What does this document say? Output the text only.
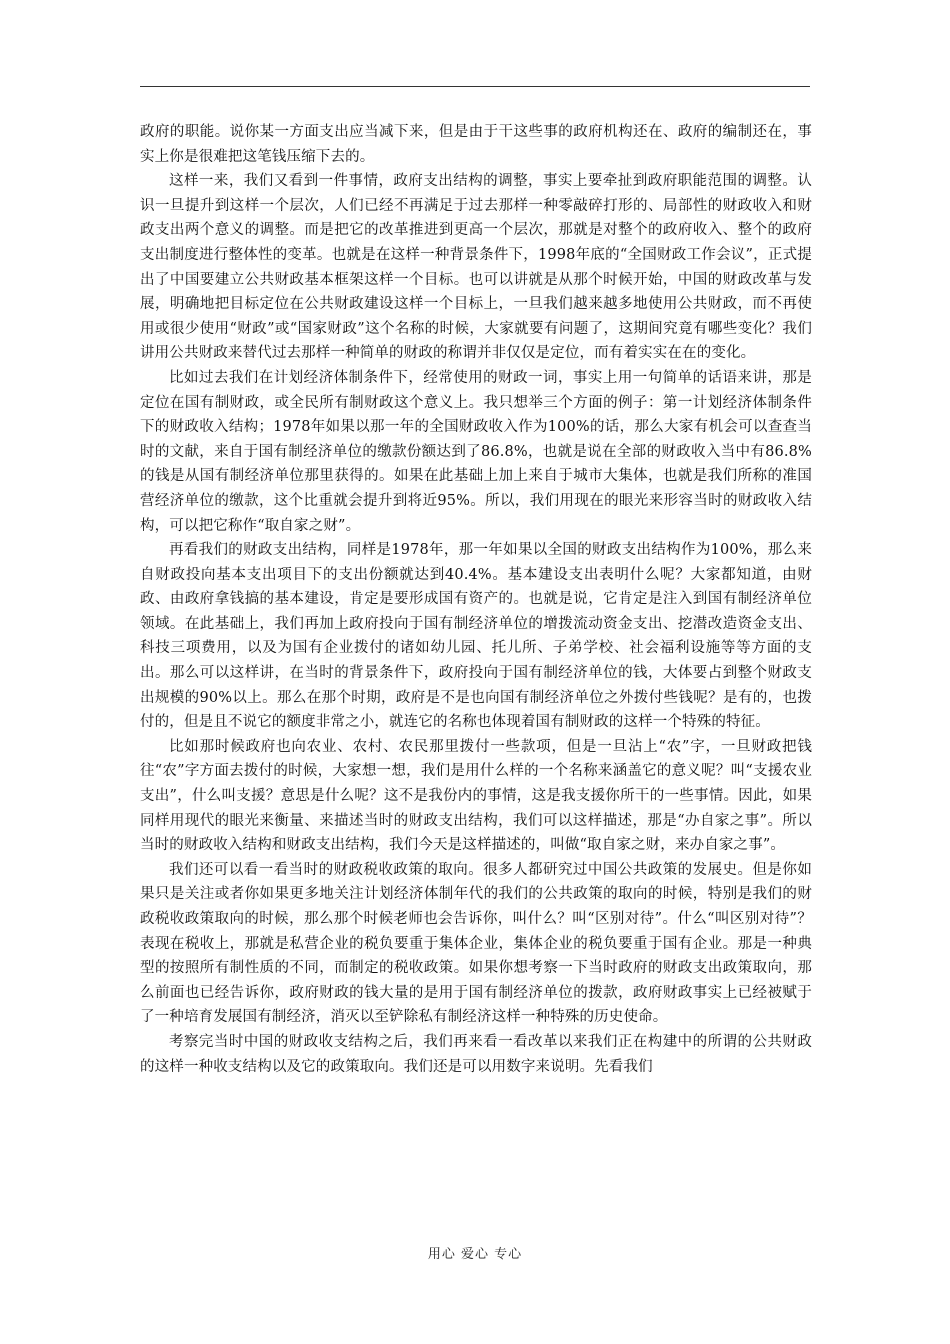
政府的职能。说你某一方面支出应当减下来，但是由于干这些事的政府机构还在、政府的编制还在，事实上你是很难把这笔钱压缩下去的。

这样一来，我们又看到一件事情，政府支出结构的调整，事实上要牵扯到政府职能范围的调整。认识一旦提升到这样一个层次，人们已经不再满足于过去那样一种零敲碎打形的、局部性的财政收入和财政支出两个意义的调整。而是把它的改革推进到更高一个层次，那就是对整个的政府收入、整个的政府支出制度进行整体性的变革。也就是在这样一种背景条件下，1998年底的“全国财政工作会议”，正式提出了中国要建立公共财政基本框架这样一个目标。也可以讲就是从那个时候开始，中国的财政改革与发展，明确地把目标定位在公共财政建设这样一个目标上，一旦我们越来越多地使用公共财政，而不再使用或很少使用“财政”或“国家财政”这个名称的时候，大家就要有问题了，这期间究竟有哪些变化？我们讲用公共财政来替代过去那样一种简单的财政的称谓并非仅仅是定位，而有着实实在在的变化。

比如过去我们在计划经济体制条件下，经常使用的财政一词，事实上用一句简单的话语来讲，那是定位在国有制财政，或全民所有制财政这个意义上。我只想举三个方面的例子：第一计划经济体制条件下的财政收入结构；1978年如果以那一年的全国财政收入作为100%的话，那么大家有机会可以查查当时的文献，来自于国有制经济单位的缴款份额达到了86.8%，也就是说在全部的财政收入当中有86.8%的钱是从国有制经济单位那里获得的。如果在此基础上加上来自于城市大集体，也就是我们所称的准国营经济单位的缴款，这个比重就会提升到将近95%。所以，我们用现在的眼光来形容当时的财政收入结构，可以把它称作“取自家之财”。

再看我们的财政支出结构，同样是1978年，那一年如果以全国的财政支出结构作为100%，那么来自财政投向基本支出项目下的支出份额就达到40.4%。基本建设支出表明什么呢？大家都知道，由财政、由政府拿钱搞的基本建设，肯定是要形成国有资产的。也就是说，它肯定是注入到国有制经济单位领域。在此基础上，我们再加上政府投向于国有制经济单位的增拨流动资金支出、挖潜改造资金支出、科技三项费用，以及为国有企业拨付的诸如幼儿园、托儿所、子弟学校、社会福利设施等等方面的支出。那么可以这样讲，在当时的背景条件下，政府投向于国有制经济单位的钱，大体要占到整个财政支出规模的90%以上。那么在那个时期，政府是不是也向国有制经济单位之外拨付些钱呢？是有的，也拨付的，但是且不说它的额度非常之小，就连它的名称也体现着国有制财政的这样一个特殊的特征。

比如那时候政府也向农业、农村、农民那里拨付一些款项，但是一旦沾上“农”字，一旦财政把钱往“农”字方面去拨付的时候，大家想一想，我们是用什么样的一个名称来涵盖它的意义呢？叫“支援农业支出”，什么叫支援？意思是什么呢？这不是我份内的事情，这是我支援你所干的一些事情。因此，如果同样用现代的眼光来衡量、来描述当时的财政支出结构，我们可以这样描述，那是“办自家之事”。所以当时的财政收入结构和财政支出结构，我们今天是这样描述的，叫做“取自家之财，来办自家之事”。

我们还可以看一看当时的财政税收政策的取向。很多人都研究过中国公共政策的发展史。但是你如果只是关注或者你如果更多地关注计划经济体制年代的我们的公共政策的取向的时候，特别是我们的财政税收政策取向的时候，那么那个时候老师也会告诉你，叫什么？叫“区别对待”。什么“叫区别对待”？表现在税收上，那就是私营企业的税负要重于集体企业，集体企业的税负要重于国有企业。那是一种典型的按照所有制性质的不同，而制定的税收政策。如果你想考察一下当时政府的财政支出政策取向，那么前面也已经告诉你，政府财政的钱大量的是用于国有制经济单位的拨款，政府财政事实上已经被赋于了一种培育发展国有制经济，消灭以至铲除私有制经济这样一种特殊的历史使命。

考察完当时中国的财政收支结构之后，我们再来看一看改革以来我们正在构建中的所谓的公共财政的这样一种收支结构以及它的政策取向。我们还是可以用数字来说明。先看我们

用心 爱心 专心
